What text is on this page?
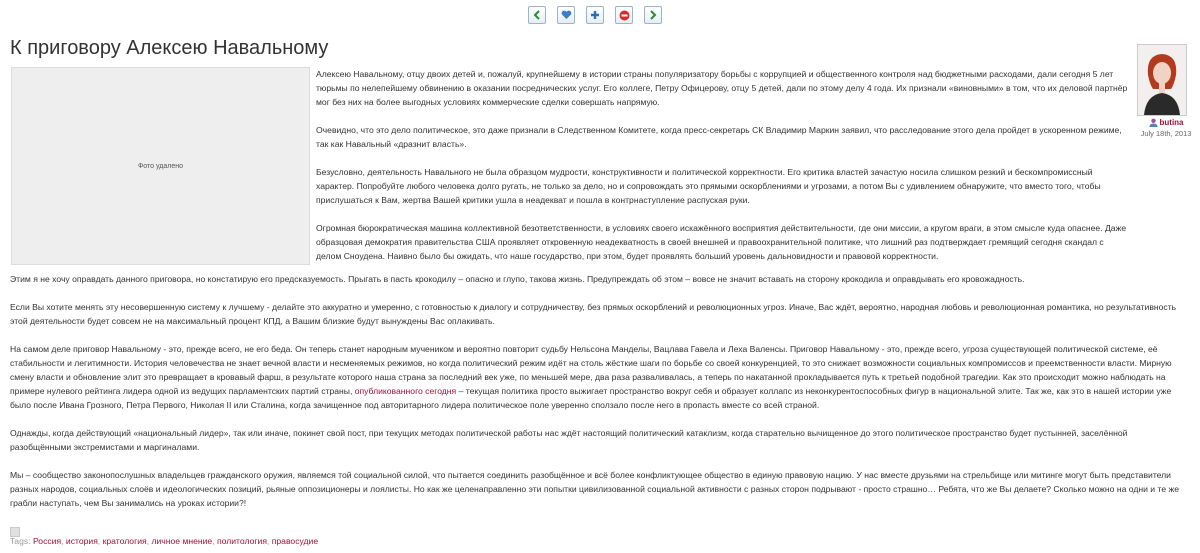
К приговору Алексею Навальному
Фото удалено

Алексею Навальному, отцу двоих детей и, пожалуй, крупнейшему в истории страны популяризатору борьбы с коррупцией и общественного контроля над бюджетными расходами, дали сегодня 5 лет тюрьмы по нелепейшему обвинению в оказании посреднических услуг. Его коллеге, Петру Офицерову, отцу 5 детей, дали по этому делу 4 года. Их признали «виновными» в том, что их деловой партнёр мог без них на более выгодных условиях коммерческие сделки совершать напрямую.

Очевидно, что это дело политическое, это даже признали в Следственном Комитете, когда пресс-секретарь СК Владимир Маркин заявил, что расследование этого дела пройдет в ускоренном режиме, так как Навальный «дразнит власть».

Безусловно, деятельность Навального не была образцом мудрости, конструктивности и политической корректности. Его критика властей зачастую носила слишком резкий и бескомпромиссный характер. Попробуйте любого человека долго ругать, не только за дело, но и сопровождать это прямыми оскорблениями и угрозами, а потом Вы с удивлением обнаружите, что вместо того, чтобы прислушаться к Вам, жертва Вашей критики ушла в неадекват и пошла в контрнаступление распуская руки.

Огромная бюрократическая машина коллективной безответственности, в условиях своего искажённого восприятия действительности, где они миссии, а кругом враги, в этом смысле куда опаснее. Даже образцовая демократия правительства США проявляет откровенную неадекватность в своей внешней и правоохранительной политике, что лишний раз подтверждает гремящий сегодня скандал с делом Сноудена. Наивно было бы ожидать, что наше государство, при этом, будет проявлять больший уровень дальновидности и правовой корректности.

butina
July 18th, 2013

Этим я не хочу оправдать данного приговора, но констатирую его предсказуемость. Прыгать в пасть крокодилу – опасно и глупо, такова жизнь. Предупреждать об этом – вовсе не значит вставать на сторону крокодила и оправдывать его кровожадность.

Если Вы хотите менять эту несовершенную систему к лучшему - делайте это аккуратно и умеренно, с готовностью к диалогу и сотрудничеству, без прямых оскорблений и революционных угроз. Иначе, Вас ждёт, вероятно, народная любовь и революционная романтика, но результативность этой деятельности будет совсем не на максимальный процент КПД, а Вашим близкие будут вынуждены Вас оплакивать.

На самом деле приговор Навальному - это, прежде всего, не его беда. Он теперь станет народным мучеником и вероятно повторит судьбу Нельсона Манделы, Вацлава Гавела и Леха Валенсы. Приговор Навальному - это, прежде всего, угроза существующей политической системе, её стабильности и легитимности. История человечества не знает вечной власти и несменяемых режимов, но когда политический режим идёт на столь жёсткие шаги по борьбе со своей конкуренцией, то это снижает возможности социальных компромиссов и преемственности власти. Мирную смену власти и обновление элит это превращает в кровавый фарш, в результате которого наша страна за последний век уже, по меньшей мере, два раза разваливалась, а теперь по накатанной прокладывается путь к третьей подобной трагедии. Как это происходит можно наблюдать на примере нулевого рейтинга лидера одной из ведущих парламентских партий страны, опубликованного сегодня – текущая политика просто выжигает пространство вокруг себя и образует коллапс из неконкурентоспособных фигур в национальной элите. Так же, как это в нашей истории уже было после Ивана Грозного, Петра Первого, Николая II или Сталина, когда зачищенное под авторитарного лидера политическое поле уверенно сползало после него в пропасть вместе со всей страной.

Однажды, когда действующий «национальный лидер», так или иначе, покинет свой пост, при текущих методах политической работы нас ждёт настоящий политический катаклизм, когда старательно вычищенное до этого политическое пространство будет пустынней, заселённой разобщёнными экстремистами и маргиналами.

Мы – сообщество законопослушных владельцев гражданского оружия, являемся той социальной силой, что пытается соединить разобщённое и всё более конфликтующее общество в единую правовую нацию. У нас вместе друзьями на стрельбище или митинге могут быть представители разных народов, социальных слоёв и идеологических позиций, рьяные оппозиционеры и лоялисты. Но как же целенаправленно эти попытки цивилизованной социальной активности с разных сторон подрывают - просто страшно… Ребята, что же Вы делаете? Сколько можно на одни и те же грабли наступать, чем Вы занимались на уроках истории?!

Tags: Россия, история, кратология, личное мнение, политология, правосудие
